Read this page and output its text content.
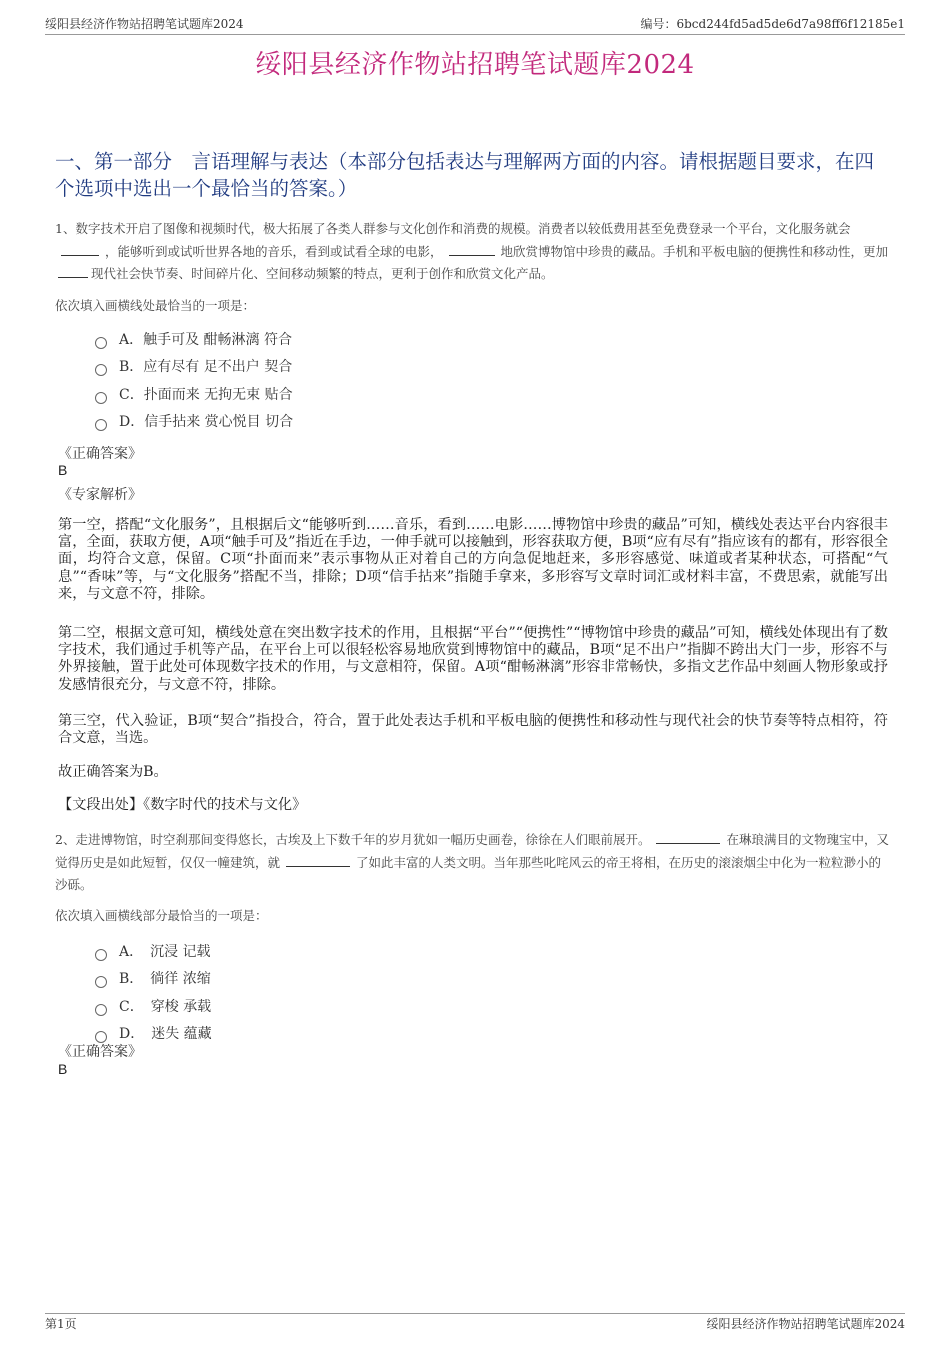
绥阳县经济作物站招聘笔试题库2024	编号：6bcd244fd5ad5de6d7a98ff6f12185e1
绥阳县经济作物站招聘笔试题库2024
一、第一部分　言语理解与表达（本部分包括表达与理解两方面的内容。请根据题目要求，在四个选项中选出一个最恰当的答案。）
1、数字技术开启了图像和视频时代，极大拓展了各类人群参与文化创作和消费的规模。消费者以较低费用甚至免费登录一个平台，文化服务就会，能够听到或试听世界各地的音乐，看到或试看全球的电影，	地欣赏博物馆中珍贵的藏品。手机和平板电脑的便携性和移动性，更加现代社会快节奏、时间碎片化、空间移动频繁的特点，更利于创作和欣赏文化产品。
依次填入画横线处最恰当的一项是：
A．触手可及 酣畅淋漓 符合
B．应有尽有 足不出户 契合
C．扑面而来 无拘无束 贴合
D．信手拈来 赏心悦目 切合
《正确答案》
B
《专家解析》
第一空，搭配“文化服务”，且根据后文“能够听到……音乐，看到……电影……博物馆中珍贵的藏品”可知，横线处表达平台内容很丰富，全面，获取方便，A项“触手可及”指近在手边，一伸手就可以接触到，形容获取方便，B项“应有尽有”指应该有的都有，形容很全面，均符合文意，保留。C项“扑面而来”表示事物从正对着自己的方向急促地赶来，多形容感觉、味道或者某种状态，可搭配“气息”“香味”等，与“文化服务”搭配不当，排除；D项“信手拈来”指随手拿来，多形容写文章时词汇或材料丰富，不费思索，就能写出来，与文意不符，排除。
第二空，根据文意可知，横线处意在突出数字技术的作用，且根据“平台”“便携性”“博物馆中珍贵的藏品”可知，横线处体现出有了数字技术，我们通过手机等产品，在平台上可以很轻松容易地欣赏到博物馆中的藏品，B项“足不出户”指脚不跨出大门一步，形容不与外界接触，置于此处可体现数字技术的作用，与文意相符，保留。A项“酣畅淋漓”形容非常畅快，多指文艺作品中刻画人物形象或抒发感情很充分，与文意不符，排除。
第三空，代入验证，B项“契合”指投合，符合，置于此处表达手机和平板电脑的便携性和移动性与现代社会的快节奏等特点相符，符合文意，当选。
故正确答案为B。
【文段出处】《数字时代的技术与文化》
2、走进博物馆，时空刹那间变得悠长，古埃及上下数千年的岁月犹如一幅历史画卷，徐徐在人们眼前展开。	在琳琅满目的文物瑰宝中，又觉得历史是如此短暂，仅仅一幢建筑，就	了如此丰富的人类文明。当年那些叱咤风云的帝王将相，在历史的滚滚烟尘中化为一粒粒渺小的沙砾。
依次填入画横线部分最恰当的一项是：
A．　沉浸 记载
B．　徜徉 浓缩
C．　穿梭 承载
D．　迷失 蕴藏
《正确答案》
B
第1页	绥阳县经济作物站招聘笔试题库2024
